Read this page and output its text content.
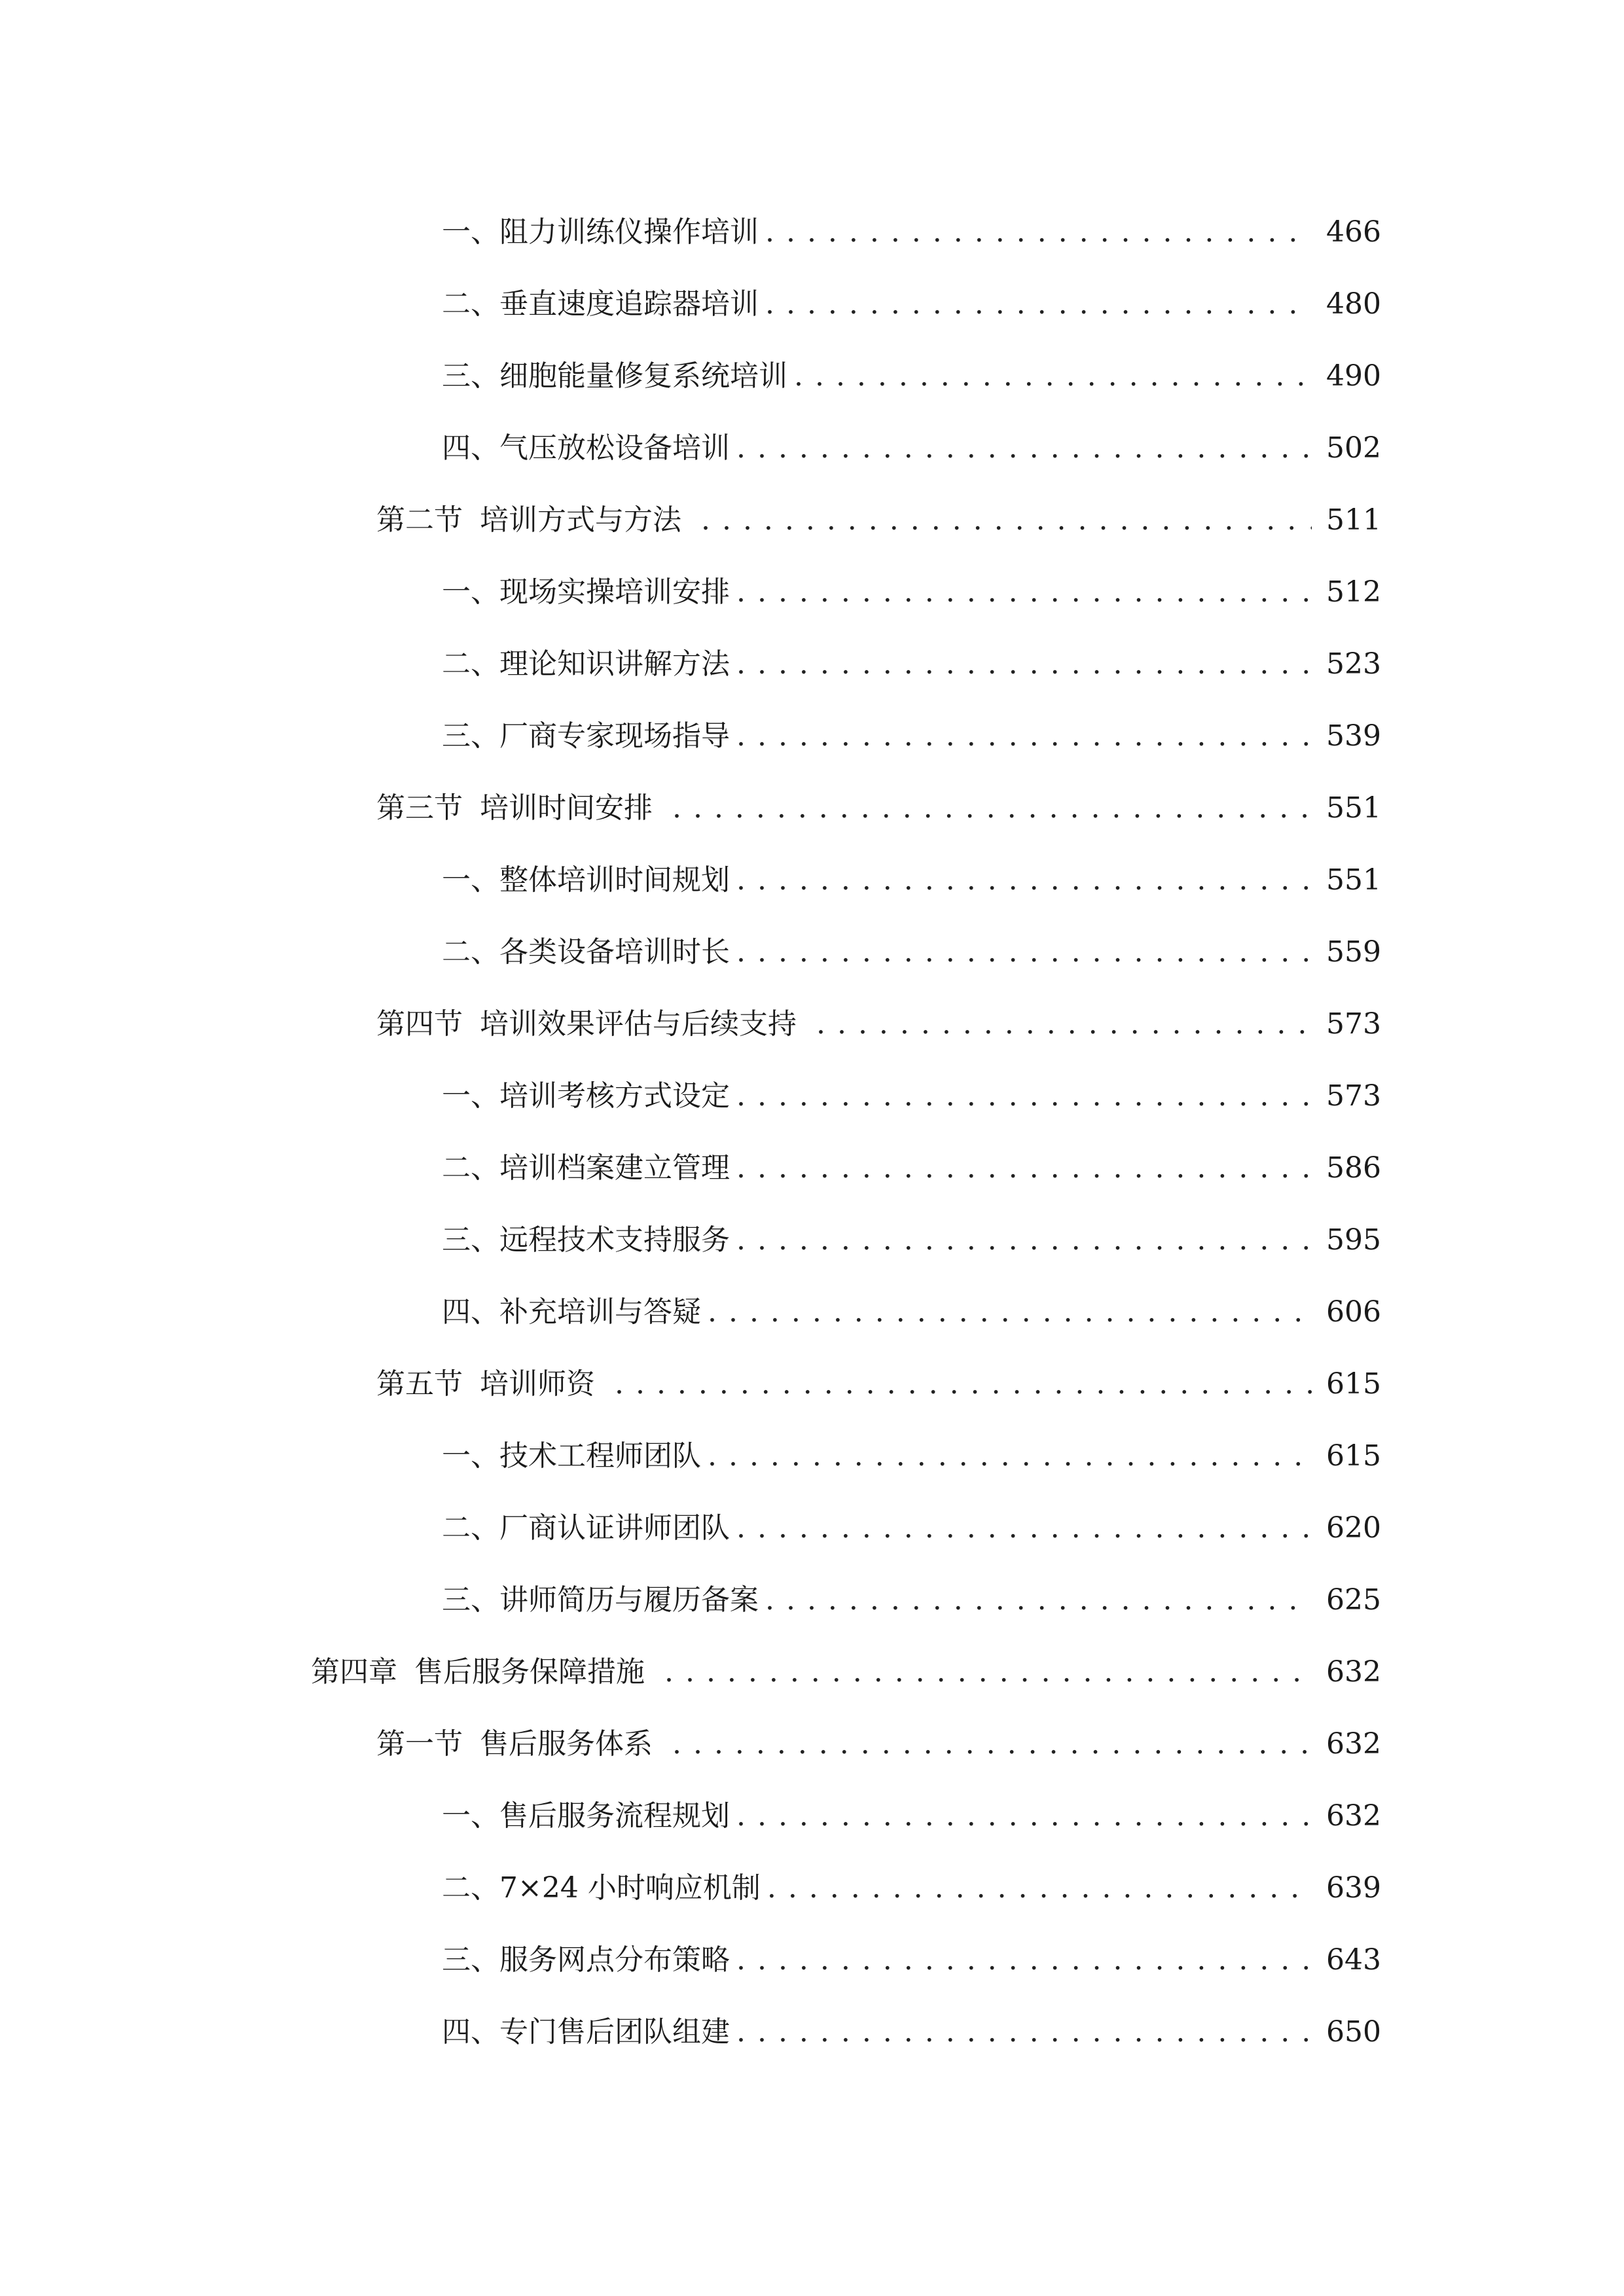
一、 阻力训练仪操作培训 . . .	466
二、 垂直速度追踪器培训 . . .	480
三、 细胞能量修复系统培训 . . .	490
四、 气压放松设备培训 . . .	502
第二节 培训方式与方法 . . .	511
一、 现场实操培训安排 . . .	512
二、 理论知识讲解方法 . . .	523
三、 厂商专家现场指导 . . .	539
第三节 培训时间安排 . . .	551
一、 整体培训时间规划 . . .	551
二、 各类设备培训时长 . . .	559
第四节 培训效果评估与后续支持 . . .	573
一、 培训考核方式设定 . . .	573
二、 培训档案建立管理 . . .	586
三、 远程技术支持服务 . . .	595
四、 补充培训与答疑 . . .	606
第五节 培训师资 . . .	615
一、 技术工程师团队 . . .	615
二、 厂商认证讲师团队 . . .	620
三、 讲师简历与履历备案 . . .	625
第四章 售后服务保障措施 . . .	632
第一节 售后服务体系 . . .	632
一、 售后服务流程规划 . . .	632
二、 7×24 小时响应机制 . . .	639
三、 服务网点分布策略 . . .	643
四、 专门售后团队组建 . . .	650
